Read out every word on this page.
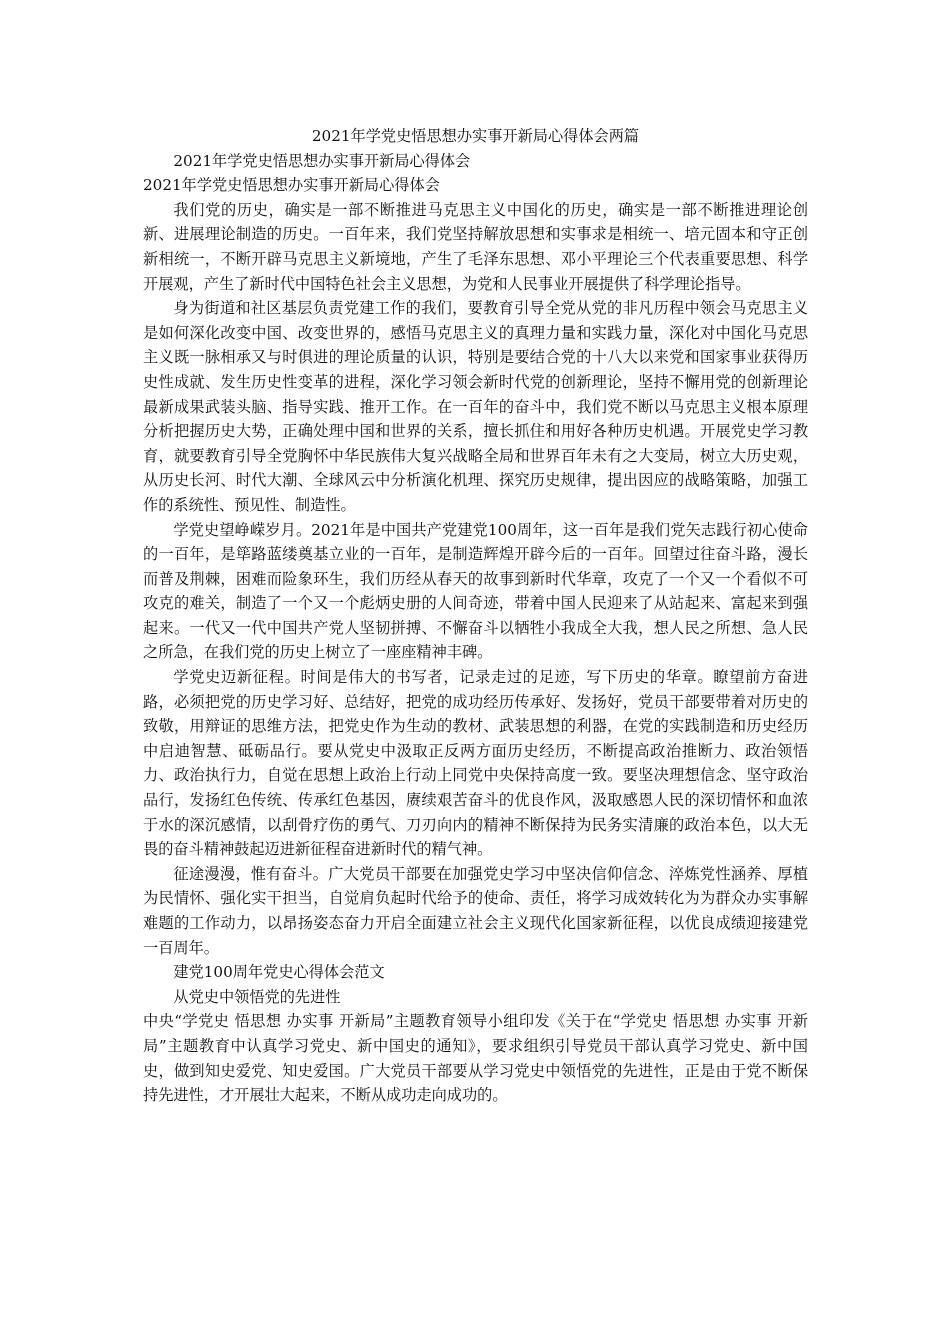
2021年学党史悟思想办实事开新局心得体会两篇

2021年学党史悟思想办实事开新局心得体会

2021年学党史悟思想办实事开新局心得体会

我们党的历史，确实是一部不断推进马克思主义中国化的历史，确实是一部不断推进理论创新、进展理论制造的历史。一百年来，我们党坚持解放思想和实事求是相统一、培元固本和守正创新相统一，不断开辟马克思主义新境地，产生了毛泽东思想、邓小平理论三个代表重要思想、科学开展观，产生了新时代中国特色社会主义思想，为党和人民事业开展提供了科学理论指导。

身为街道和社区基层负责党建工作的我们，要教育引导全党从党的非凡历程中领会马克思主义是如何深化改变中国、改变世界的，感悟马克思主义的真理力量和实践力量，深化对中国化马克思主义既一脉相承又与时俱进的理论质量的认识，特别是要结合党的十八大以来党和国家事业获得历史性成就、发生历史性变革的进程，深化学习领会新时代党的创新理论，坚持不懈用党的创新理论最新成果武装头脑、指导实践、推开工作。在一百年的奋斗中，我们党不断以马克思主义根本原理分析把握历史大势，正确处理中国和世界的关系，擅长抓住和用好各种历史机遇。开展党史学习教育，就要教育引导全党胸怀中华民族伟大复兴战略全局和世界百年未有之大变局，树立大历史观，从历史长河、时代大潮、全球风云中分析演化机理、探究历史规律，提出因应的战略策略，加强工作的系统性、预见性、制造性。

学党史望峥嵘岁月。2021年是中国共产党建党100周年，这一百年是我们党矢志践行初心使命的一百年，是筚路蓝缕奠基立业的一百年，是制造辉煌开辟今后的一百年。回望过往奋斗路，漫长而普及荆棘，困难而险象环生，我们历经从春天的故事到新时代华章，攻克了一个又一个看似不可攻克的难关，制造了一个又一个彪炳史册的人间奇迹，带着中国人民迎来了从站起来、富起来到强起来。一代又一代中国共产党人坚韧拼搏、不懈奋斗以牺牲小我成全大我，想人民之所想、急人民之所急，在我们党的历史上树立了一座座精神丰碑。

学党史迈新征程。时间是伟大的书写者，记录走过的足迹，写下历史的华章。瞭望前方奋进路，必须把党的历史学习好、总结好，把党的成功经历传承好、发扬好，党员干部要带着对历史的致敬，用辩证的思维方法，把党史作为生动的教材、武装思想的利器，在党的实践制造和历史经历中启迪智慧、砥砺品行。要从党史中汲取正反两方面历史经历，不断提高政治推断力、政治领悟力、政治执行力，自觉在思想上政治上行动上同党中央保持高度一致。要坚决理想信念、坚守政治品行，发扬红色传统、传承红色基因，赓续艰苦奋斗的优良作风，汲取感恩人民的深切情怀和血浓于水的深沉感情，以刮骨疗伤的勇气、刀刃向内的精神不断保持为民务实清廉的政治本色，以大无畏的奋斗精神鼓起迈进新征程奋进新时代的精气神。

征途漫漫，惟有奋斗。广大党员干部要在加强党史学习中坚决信仰信念、淬炼党性涵养、厚植为民情怀、强化实干担当，自觉肩负起时代给予的使命、责任，将学习成效转化为为群众办实事解难题的工作动力，以昂扬姿态奋力开启全面建立社会主义现代化国家新征程，以优良成绩迎接建党一百周年。

建党100周年党史心得体会范文

从党史中领悟党的先进性

中央“学党史 悟思想 办实事 开新局”主题教育领导小组印发《关于在“学党史 悟思想 办实事 开新局”主题教育中认真学习党史、新中国史的通知》，要求组织引导党员干部认真学习党史、新中国史，做到知史爱党、知史爱国。广大党员干部要从学习党史中领悟党的先进性，正是由于党不断保持先进性，才开展壮大起来，不断从成功走向成功的。
